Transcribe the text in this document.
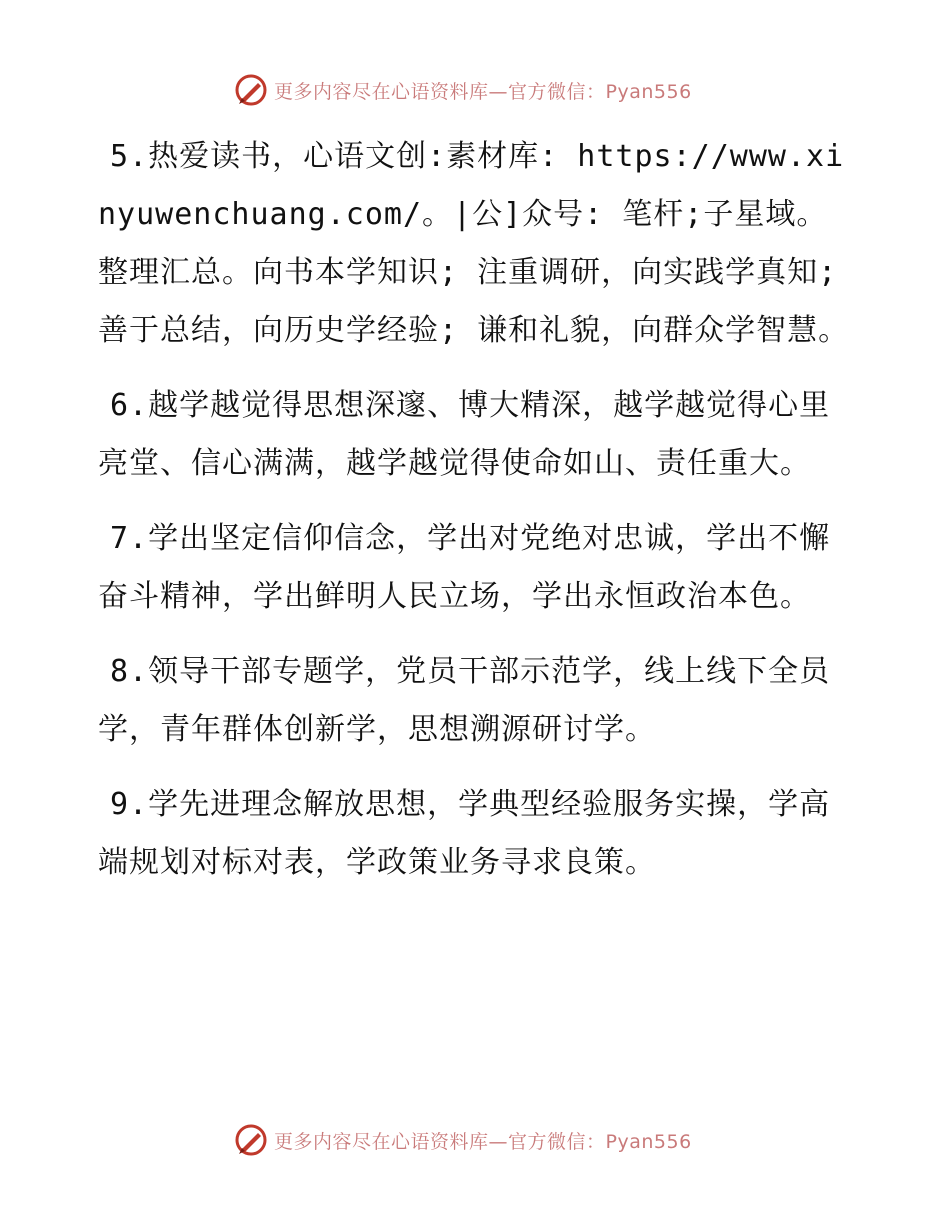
更多内容尽在心语资料库—官方微信：Pyan556

5.热爱读书，心语文创:素材库: https://www.xinyuwenchuang.com/。|公]众号: 笔杆;子星域。整理汇总。向书本学知识; 注重调研，向实践学真知; 善于总结，向历史学经验; 谦和礼貌，向群众学智慧。

6.越学越觉得思想深邃、博大精深，越学越觉得心里亮堂、信心满满，越学越觉得使命如山、责任重大。

7.学出坚定信仰信念，学出对党绝对忠诚，学出不懈奋斗精神，学出鲜明人民立场，学出永恒政治本色。

8.领导干部专题学，党员干部示范学，线上线下全员学，青年群体创新学，思想溯源研讨学。

9.学先进理念解放思想，学典型经验服务实操，学高端规划对标对表，学政策业务寻求良策。

更多内容尽在心语资料库—官方微信：Pyan556
